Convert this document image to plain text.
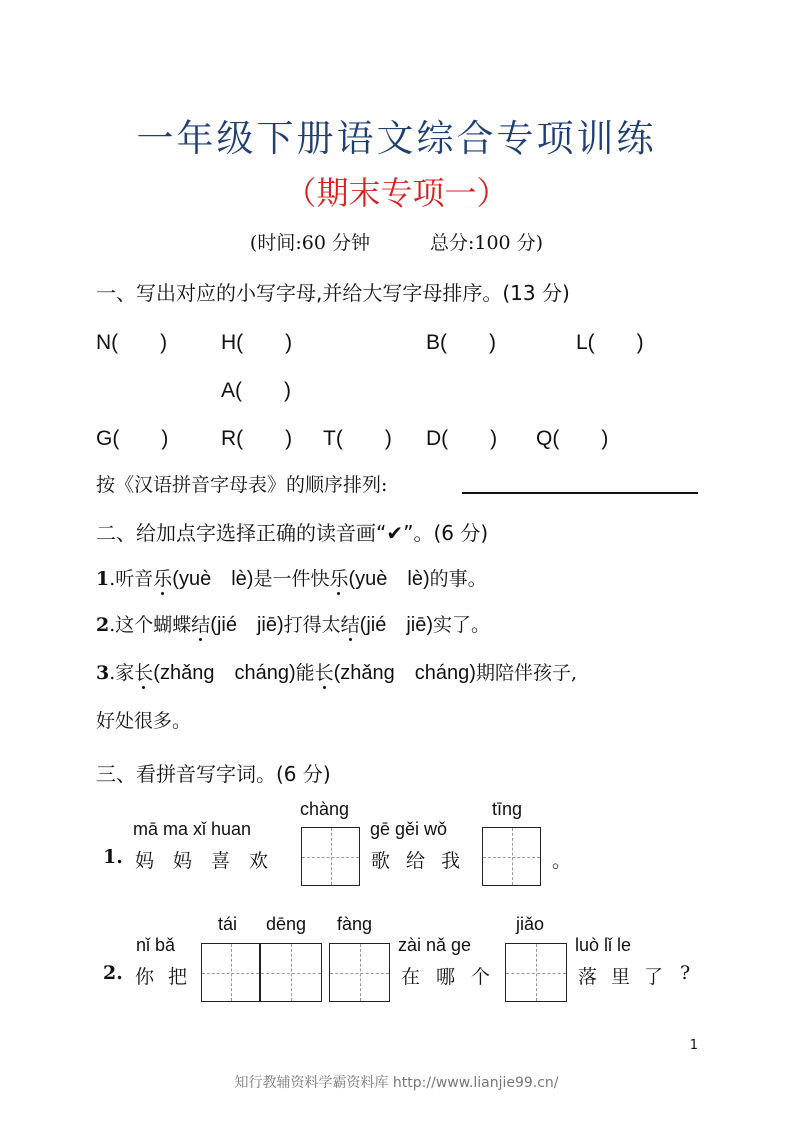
一年级下册语文综合专项训练
（期末专项一）
(时间:60 分钟	总分:100 分)
一、写出对应的小写字母,并给大写字母排序。(13 分)
N(　　)	H(　　)	B(　　)	L(　　)
A(　　)
G(　　)	R(　　) T(　　) D(　　) Q(　　)
按《汉语拼音字母表》的顺序排列:
二、给加点字选择正确的读音画“✔”。(6 分)
1.听音乐(yuè　lè)是一件快乐(yuè　lè)的事。
2.这个蝴蝶结(jié　jiē)打得太结(jié　jiē)实了。
3.家长(zhǎng　cháng)能长(zhǎng　cháng)期陪伴孩子,
好处很多。
三、看拼音写字词。(6 分)
1.
mā ma xǐ huan
妈妈喜欢
chàng
gē gěi wǒ
歌给我
tīng
。
2.
nǐ bǎ
你把
tái dēng fàng
zài nǎ ge
在哪个
jiǎo
luò lǐ le
落里了 ?
1
知行教辅资料学霸资料库 http://www.lianjie99.cn/
